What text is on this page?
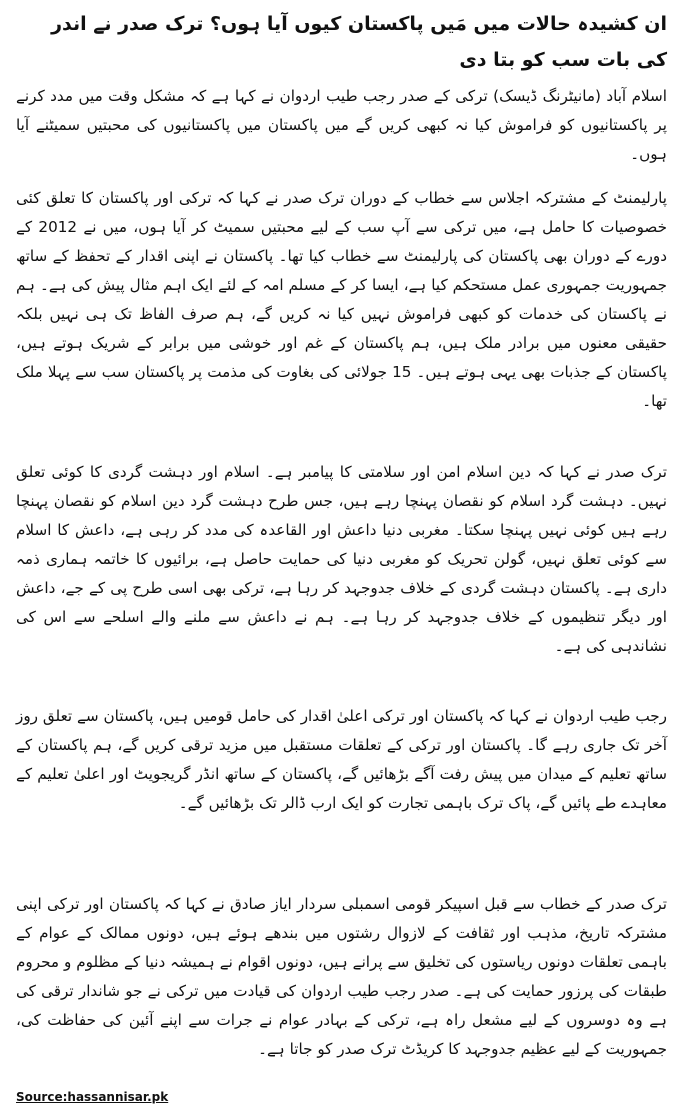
ان کشیدہ حالات میں مَیں پاکستان کیوں آیا ہوں؟ ترک صدر نے اندر کی بات سب کو بتا دی

اسلام آباد (مانیٹرنگ ڈیسک) ترکی کے صدر رجب طیب اردوان نے کہا ہے کہ مشکل وقت میں مدد کرنے پر پاکستانیوں کو فراموش کیا نہ کبھی کریں گے میں پاکستان میں پاکستانیوں کی محبتیں سمیٹنے آیا ہوں۔

پارلیمنٹ کے مشترکہ اجلاس سے خطاب کے دوران ترک صدر نے کہا کہ ترکی اور پاکستان کا تعلق کئی خصوصیات کا حامل ہے، میں ترکی سے آپ سب کے لیے محبتیں سمیٹ کر آیا ہوں، میں نے 2012 کے دورے کے دوران بھی پاکستان کی پارلیمنٹ سے خطاب کیا تھا۔ پاکستان نے اپنی اقدار کے تحفظ کے ساتھ جمہوریت جمہوری عمل مستحکم کیا ہے، ایسا کر کے مسلم امہ کے لئے ایک اہم مثال پیش کی ہے۔ ہم نے پاکستان کی خدمات کو کبھی فراموش نہیں کیا نہ کریں گے، ہم صرف الفاظ تک ہی نہیں بلکہ حقیقی معنوں میں برادر ملک ہیں، ہم پاکستان کے غم اور خوشی میں برابر کے شریک ہوتے ہیں، پاکستان کے جذبات بھی یہی ہوتے ہیں۔ 15 جولائی کی بغاوت کی مذمت پر پاکستان سب سے پہلا ملک تھا۔

ترک صدر نے کہا کہ دین اسلام امن اور سلامتی کا پیامبر ہے۔ اسلام اور دہشت گردی کا کوئی تعلق نہیں۔ دہشت گرد اسلام کو نقصان پہنچا رہے ہیں، جس طرح دہشت گرد دین اسلام کو نقصان پہنچا رہے ہیں کوئی نہیں پہنچا سکتا۔ مغربی دنیا داعش اور القاعدہ کی مدد کر رہی ہے، داعش کا اسلام سے کوئی تعلق نہیں، گولن تحریک کو مغربی دنیا کی حمایت حاصل ہے، برائیوں کا خاتمہ ہماری ذمہ داری ہے۔ پاکستان دہشت گردی کے خلاف جدوجہد کر رہا ہے، ترکی بھی اسی طرح پی کے جے، داعش اور دیگر تنظیموں کے خلاف جدوجہد کر رہا ہے۔ ہم نے داعش سے ملنے والے اسلحے سے اس کی نشاندہی کی ہے۔

رجب طیب اردوان نے کہا کہ پاکستان اور ترکی اعلیٰ اقدار کی حامل قومیں ہیں، پاکستان سے تعلق روز آخر تک جاری رہے گا۔ پاکستان اور ترکی کے تعلقات مستقبل میں مزید ترقی کریں گے، ہم پاکستان کے ساتھ تعلیم کے میدان میں پیش رفت آگے بڑھائیں گے، پاکستان کے ساتھ انڈر گریجویٹ اور اعلیٰ تعلیم کے معاہدے طے پائیں گے، پاک ترک باہمی تجارت کو ایک ارب ڈالر تک بڑھائیں گے۔

ترک صدر کے خطاب سے قبل اسپیکر قومی اسمبلی سردار ایاز صادق نے کہا کہ پاکستان اور ترکی اپنی مشترکہ تاریخ، مذہب اور ثقافت کے لازوال رشتوں میں بندھے ہوئے ہیں، دونوں ممالک کے عوام کے باہمی تعلقات دونوں ریاستوں کی تخلیق سے پرانے ہیں، دونوں اقوام نے ہمیشہ دنیا کے مظلوم و محروم طبقات کی پرزور حمایت کی ہے۔ صدر رجب طیب اردوان کی قیادت میں ترکی نے جو شاندار ترقی کی ہے وہ دوسروں کے لیے مشعل راہ ہے، ترکی کے بہادر عوام نے جرات سے اپنے آئین کی حفاظت کی، جمہوریت کے لیے عظیم جدوجہد کا کریڈٹ ترک صدر کو جاتا ہے۔

Source:hassannisar.pk
